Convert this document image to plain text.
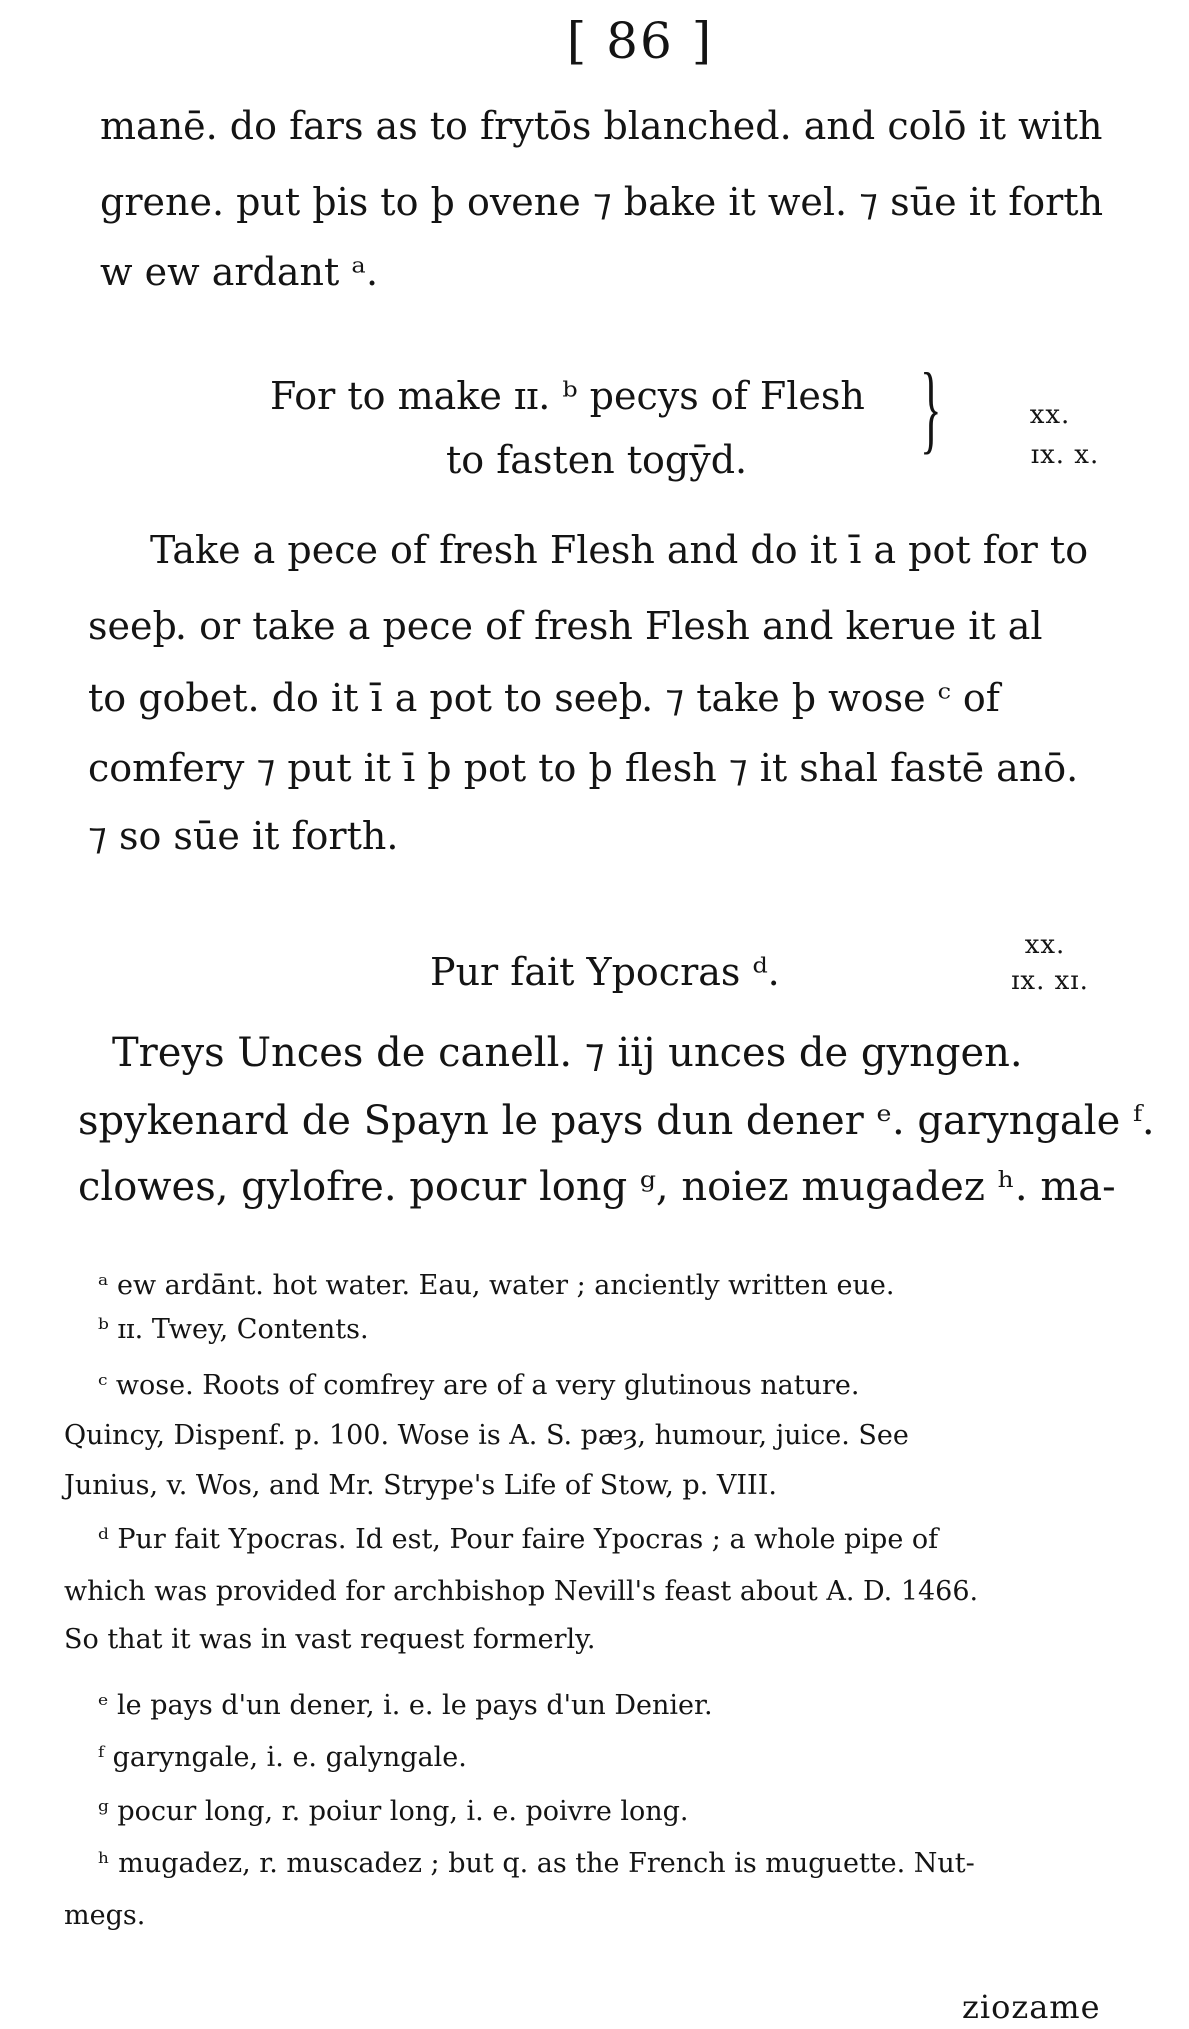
[ 86 ]
manē. do fars as to frytōs blanched. and colō it with
grene. put þis to þ ovene ⁊ bake it wel. ⁊ sūe it forth
w ew ardant ᵃ.
For to make ɪɪ. ᵇ pecys of Flesh
to fasten togȳd. }	xx.
ɪx. x.
Take a pece of fresh Flesh and do it ī a pot for to
seeþ. or take a pece of fresh Flesh and kerue it al
to gobet. do it ī a pot to seeþ. ⁊ take þ wose ᶜ of
comfery ⁊ put it ī þ pot to þ flesh ⁊ it shal fastē anō.
⁊ so sūe it forth.
Pur fait Ypocras ᵈ.
xx.
ɪx. xɪ.
Treys Unces de canell. ⁊ iij unces de gyngen.
spykenard de Spayn le pays dun dener ᵉ. garyngale ᶠ.
clowes, gylofre. pocur long ᵍ, noiez mugadez ʰ. ma-
ᵃ ew ardānt. hot water. Eau, water ; anciently written eue.
ᵇ ɪɪ. Twey, Contents.
ᶜ wose. Roots of comfrey are of a very glutinous nature.
Quincy, Dispenf. p. 100. Wose is A. S. pæȝ, humour, juice. See
Junius, v. Wos, and Mr. Strype's Life of Stow, p. VIII.
ᵈ Pur fait Ypocras. Id est, Pour faire Ypocras ; a whole pipe of
which was provided for archbishop Nevill's feast about A. D. 1466.
So that it was in vast request formerly.
ᵉ le pays d'un dener, i. e. le pays d'un Denier.
ᶠ garyngale, i. e. galyngale.
ᵍ pocur long, r. poiur long, i. e. poivre long.
ʰ mugadez, r. muscadez ; but q. as the French is muguette. Nut-
megs.
ziozame
